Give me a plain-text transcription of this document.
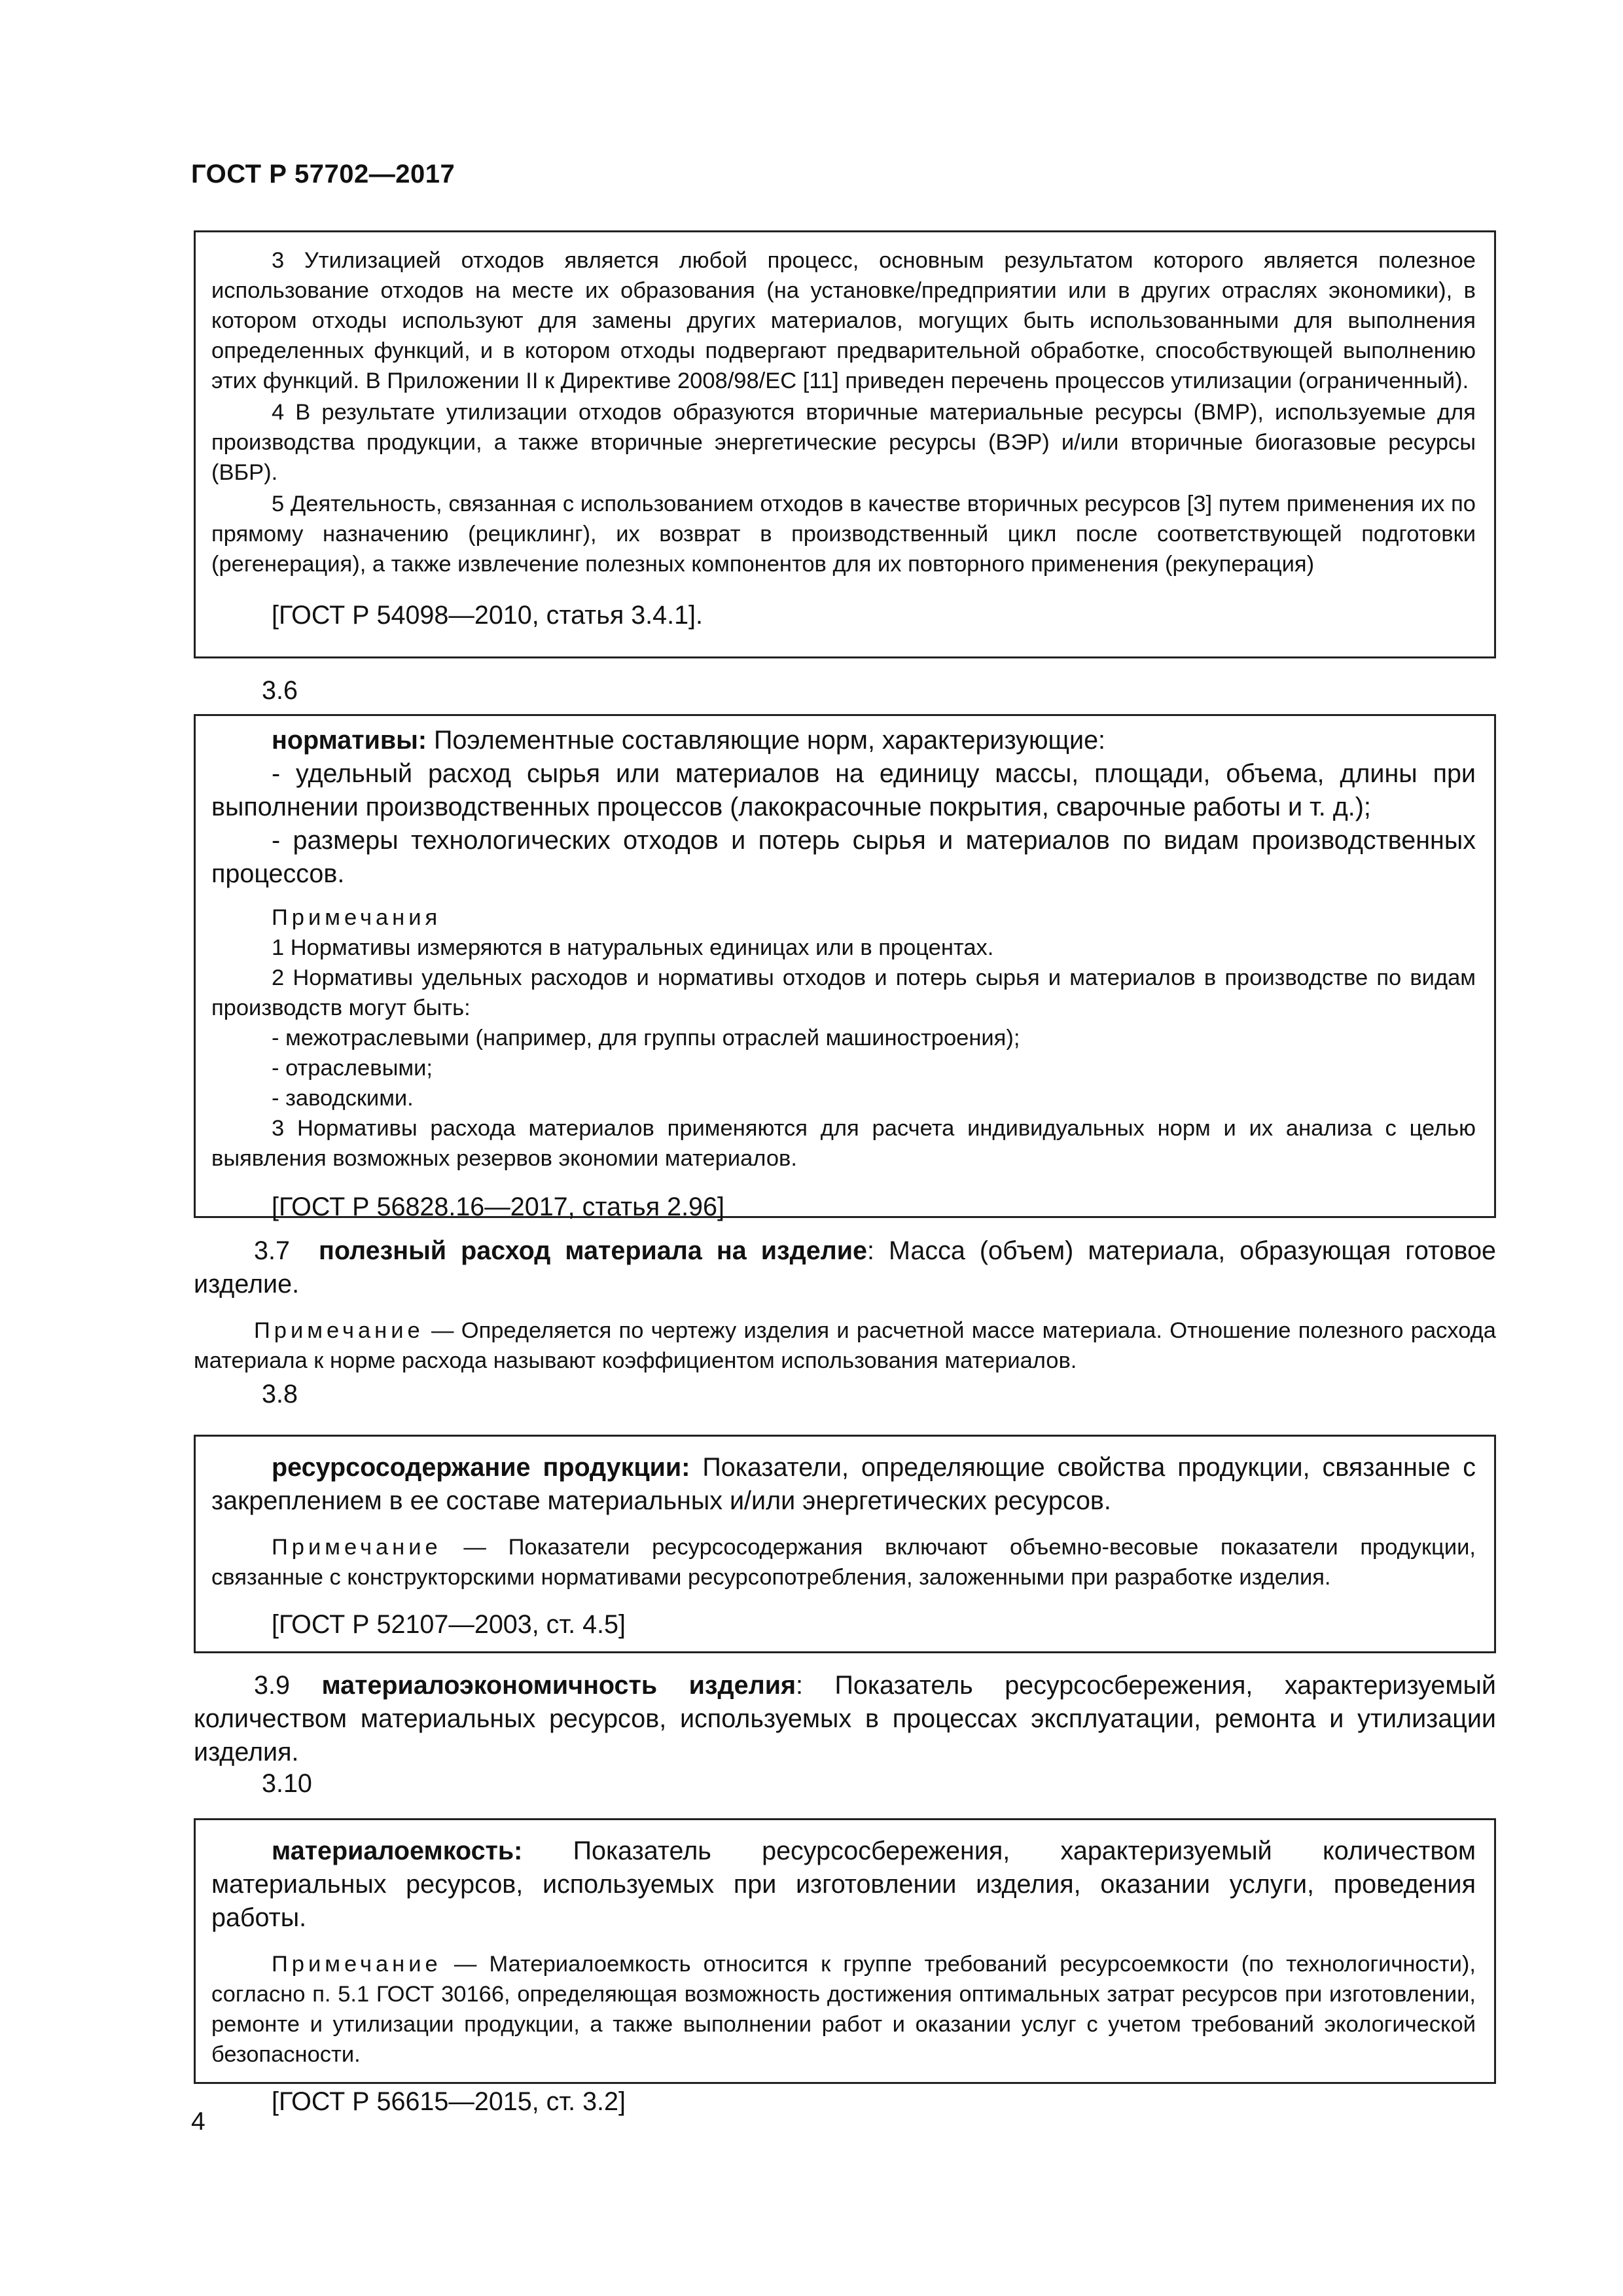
ГОСТ Р 57702—2017

3 Утилизацией отходов является любой процесс, основным результатом которого является полезное использование отходов на месте их образования (на установке/предприятии или в других отраслях экономики), в котором отходы используют для замены других материалов, могущих быть использованными для выполнения определенных функций, и в котором отходы подвергают предварительной обработке, способствующей выполнению этих функций. В Приложении II к Директиве 2008/98/ЕС [11] приведен перечень процессов утилизации (ограниченный).

4 В результате утилизации отходов образуются вторичные материальные ресурсы (ВМР), используемые для производства продукции, а также вторичные энергетические ресурсы (ВЭР) и/или вторичные биогазовые ресурсы (ВБР).

5 Деятельность, связанная с использованием отходов в качестве вторичных ресурсов [3] путем применения их по прямому назначению (рециклинг), их возврат в производственный цикл после соответствующей подготовки (регенерация), а также извлечение полезных компонентов для их повторного применения (рекуперация)

[ГОСТ Р 54098—2010, статья 3.4.1].

3.6

нормативы: Поэлементные составляющие норм, характеризующие:

- удельный расход сырья или материалов на единицу массы, площади, объема, длины при выполнении производственных процессов (лакокрасочные покрытия, сварочные работы и т. д.);

- размеры технологических отходов и потерь сырья и материалов по видам производственных процессов.

Примечания

1 Нормативы измеряются в натуральных единицах или в процентах.

2 Нормативы удельных расходов и нормативы отходов и потерь сырья и материалов в производстве по видам производств могут быть:

- межотраслевыми (например, для группы отраслей машиностроения);

- отраслевыми;

- заводскими.

3 Нормативы расхода материалов применяются для расчета индивидуальных норм и их анализа с целью выявления возможных резервов экономии материалов.

[ГОСТ Р 56828.16—2017, статья 2.96]

3.7 полезный расход материала на изделие: Масса (объем) материала, образующая готовое изделие.

Примечание — Определяется по чертежу изделия и расчетной массе материала. Отношение полезного расхода материала к норме расхода называют коэффициентом использования материалов.

3.8

ресурсосодержание продукции: Показатели, определяющие свойства продукции, связанные с закреплением в ее составе материальных и/или энергетических ресурсов.

Примечание — Показатели ресурсосодержания включают объемно-весовые показатели продукции, связанные с конструкторскими нормативами ресурсопотребления, заложенными при разработке изделия.

[ГОСТ Р 52107—2003, ст. 4.5]

3.9 материалоэкономичность изделия: Показатель ресурсосбережения, характеризуемый количеством материальных ресурсов, используемых в процессах эксплуатации, ремонта и утилизации изделия.

3.10

материалоемкость: Показатель ресурсосбережения, характеризуемый количеством материальных ресурсов, используемых при изготовлении изделия, оказании услуги, проведения работы.

Примечание — Материалоемкость относится к группе требований ресурсоемкости (по технологичности), согласно п. 5.1 ГОСТ 30166, определяющая возможность достижения оптимальных затрат ресурсов при изготовлении, ремонте и утилизации продукции, а также выполнении работ и оказании услуг с учетом требований экологической безопасности.

[ГОСТ Р 56615—2015, ст. 3.2]

4
